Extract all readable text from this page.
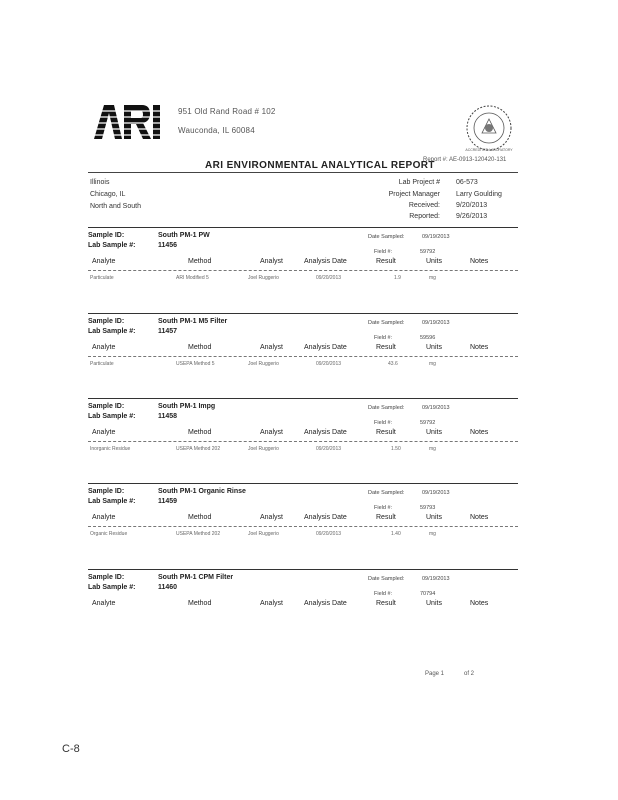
951 Old Rand Road # 102
Wauconda, IL 60084
ACCREDITED LABORATORY
ARI ENVIRONMENTAL ANALYTICAL REPORT
Report #: AE-0913-120420-131
Illinois
Chicago, IL
North and South
Lab Project # 06-573
Project Manager Larry Goulding
Received: 9/20/2013
Reported: 9/26/2013
Sample ID:	South PM-1 PW
Lab Sample #:	11456
Date Sampled:	09/19/2013
Field #:	59792
Analyte	Method	Analyst	Analysis Date	Result	Units	Notes
Particulate	ARI Modified 5	Joel Ruggerio	09/20/2013	1.9	mg
Sample ID:	South PM-1 M5 Filter
Lab Sample #:	11457
Date Sampled:	09/19/2013
Field #:	59596
Analyte	Method	Analyst	Analysis Date	Result	Units	Notes
Particulate	USEPA Method 5	Joel Ruggerio	09/20/2013	43.6	mg
Sample ID:	South PM-1 Impg
Lab Sample #:	11458
Date Sampled:	09/19/2013
Field #:	59792
Analyte	Method	Analyst	Analysis Date	Result	Units	Notes
Inorganic Residue	USEPA Method 202	Joel Ruggerio	09/20/2013	1.50	mg
Sample ID:	South PM-1 Organic Rinse
Lab Sample #:	11459
Date Sampled:	09/19/2013
Field #:	59793
Analyte	Method	Analyst	Analysis Date	Result	Units	Notes
Organic Residue	USEPA Method 202	Joel Ruggerio	09/20/2013	1.40	mg
Sample ID:	South PM-1 CPM Filter
Lab Sample #:	11460
Date Sampled:	09/19/2013
Field #:	70794
Analyte	Method	Analyst	Analysis Date	Result	Units	Notes
Page 1	of 2
C-8
